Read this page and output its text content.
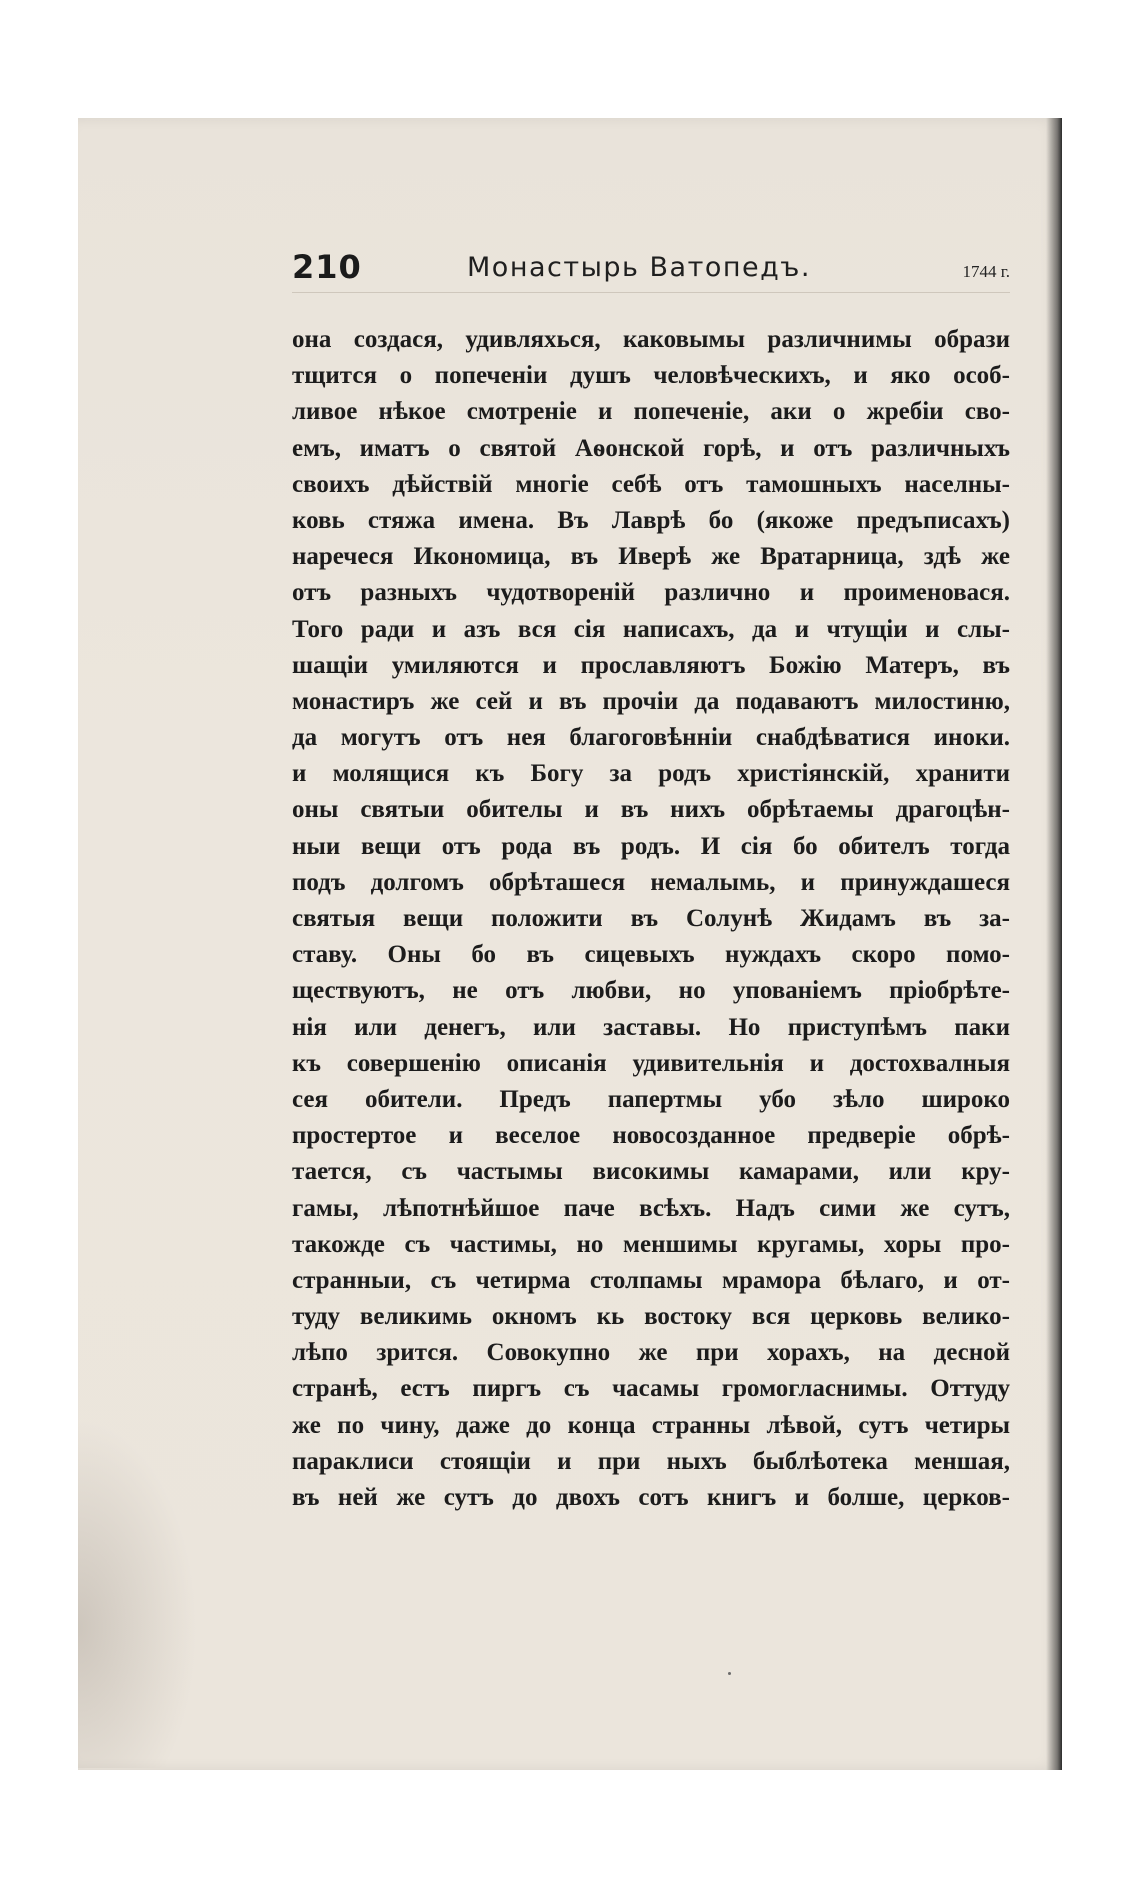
210	Монастырь Ватопедъ.	1744 г.
она создася, удивляхься, каковымы различнимы образи
тщится о попеченіи душъ человѣческихъ, и яко особ-
ливое нѣкое смотреніе и попеченіе, аки о жребіи сво-
емъ, иматъ о святой Аѳонской горѣ, и отъ различныхъ
своихъ дѣйствій многіе себѣ отъ тамошныхъ населны-
ковь стяжа имена. Въ Лаврѣ бо (якоже предъписахъ)
наречеся Икономица, въ Иверѣ же Вратарница, здѣ же
отъ разныхъ чудотвореній различно и проименовася.
Того ради и азъ вся сія написахъ, да и чтущіи и слы-
шащіи умиляются и прославляютъ Божію Матеръ, въ
монастиръ же сей и въ прочіи да подаваютъ милостиню,
да могутъ отъ нея благоговѣнніи снабдѣватися иноки.
и молящися къ Богу за родъ христіянскій, хранити
оны святыи обителы и въ нихъ обрѣтаемы драгоцѣн-
ныи вещи отъ рода въ родъ. И сія бо обителъ тогда
подъ долгомъ обрѣташеся немалымь, и принуждашеся
святыя вещи положити въ Солунѣ Жидамъ въ за-
ставу. Оны бо въ сицевыхъ нуждахъ скоро помо-
ществуютъ, не отъ любви, но упованіемъ пріобрѣте-
нія или денегъ, или заставы. Но приступѣмъ паки
къ совершенію описанія удивительнія и достохвалныя
сея обители. Предъ папертмы убо зѣло широко
простертое и веселое новосозданное предверіе обрѣ-
тается, съ частымы високимы камарами, или кру-
гамы, лѣпотнѣйшое паче всѣхъ. Надъ сими же сутъ,
такожде съ частимы, но меншимы кругамы, хоры про-
странныи, съ четирма столпамы мрамора бѣлаго, и от-
туду великимь окномъ кь востоку вся церковь велико-
лѣпо зрится. Совокупно же при хорахъ, на десной
странѣ, естъ пиргъ съ часамы громогласнимы. Оттуду
же по чину, даже до конца странны лѣвой, сутъ четиры
параклиси стоящіи и при ныхъ быблѣотека меншая,
въ ней же сутъ до двохъ сотъ книгъ и болше, церков-
